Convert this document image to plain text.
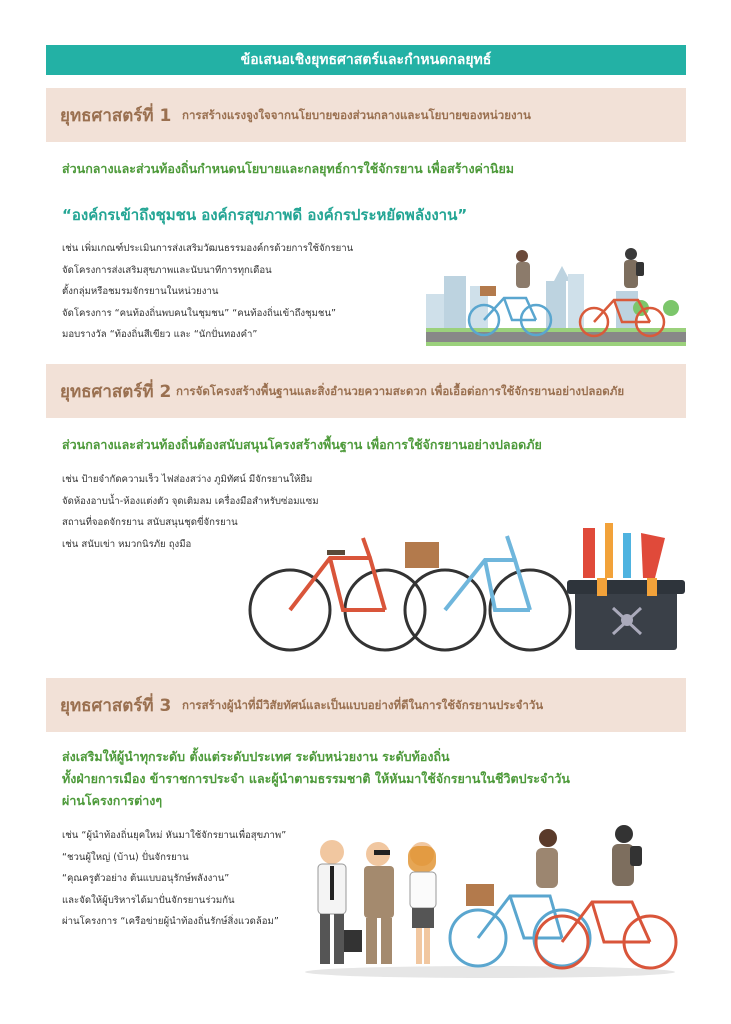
ข้อเสนอเชิงยุทธศาสตร์และกำหนดกลยุทธ์
ยุทธศาสตร์ที่ 1 การสร้างแรงจูงใจจากนโยบายของส่วนกลางและนโยบายของหน่วยงาน
ส่วนกลางและส่วนท้องถิ่นกำหนดนโยบายและกลยุทธ์การใช้จักรยาน เพื่อสร้างค่านิยม
“องค์กรเข้าถึงชุมชน องค์กรสุขภาพดี องค์กรประหยัดพลังงาน”
เช่น เพิ่มเกณฑ์ประเมินการส่งเสริมวัฒนธรรมองค์กรด้วยการใช้จักรยาน
จัดโครงการส่งเสริมสุขภาพและนับนาทีการทุกเดือน
ตั้งกลุ่มหรือชมรมจักรยานในหน่วยงาน
จัดโครงการ “คนท้องถิ่นพบคนในชุมชน” “คนท้องถิ่นเข้าถึงชุมชน”
มอบรางวัล “ท้องถิ่นสีเขียว และ “นักปั่นทองคำ”
ยุทธศาสตร์ที่ 2 การจัดโครงสร้างพื้นฐานและสิ่งอำนวยความสะดวก เพื่อเอื้อต่อการใช้จักรยานอย่างปลอดภัย
ส่วนกลางและส่วนท้องถิ่นต้องสนับสนุนโครงสร้างพื้นฐาน เพื่อการใช้จักรยานอย่างปลอดภัย
เช่น ป้ายจำกัดความเร็ว ไฟส่องสว่าง ภูมิทัศน์ มีจักรยานให้ยืม
จัดห้องอาบน้ำ-ห้องแต่งตัว จุดเติมลม เครื่องมือสำหรับซ่อมแซม
สถานที่จอดจักรยาน สนับสนุนชุดขี่จักรยาน
เช่น สนับเข่า หมวกนิรภัย ถุงมือ
ยุทธศาสตร์ที่ 3 การสร้างผู้นำที่มีวิสัยทัศน์และเป็นแบบอย่างที่ดีในการใช้จักรยานประจำวัน
ส่งเสริมให้ผู้นำทุกระดับ ตั้งแต่ระดับประเทศ ระดับหน่วยงาน ระดับท้องถิ่น
ทั้งฝ่ายการเมือง ข้าราชการประจำ และผู้นำตามธรรมชาติ ให้หันมาใช้จักรยานในชีวิตประจำวัน
ผ่านโครงการต่างๆ
เช่น “ผู้นำท้องถิ่นยุคใหม่ หันมาใช้จักรยานเพื่อสุขภาพ”
“ชวนผู้ใหญ่ (บ้าน) ปั่นจักรยาน
“คุณครูตัวอย่าง ต้นแบบอนุรักษ์พลังงาน”
และจัดให้ผู้บริหารได้มาปั่นจักรยานร่วมกัน
ผ่านโครงการ “เครือข่ายผู้นำท้องถิ่นรักษ์สิ่งแวดล้อม”
